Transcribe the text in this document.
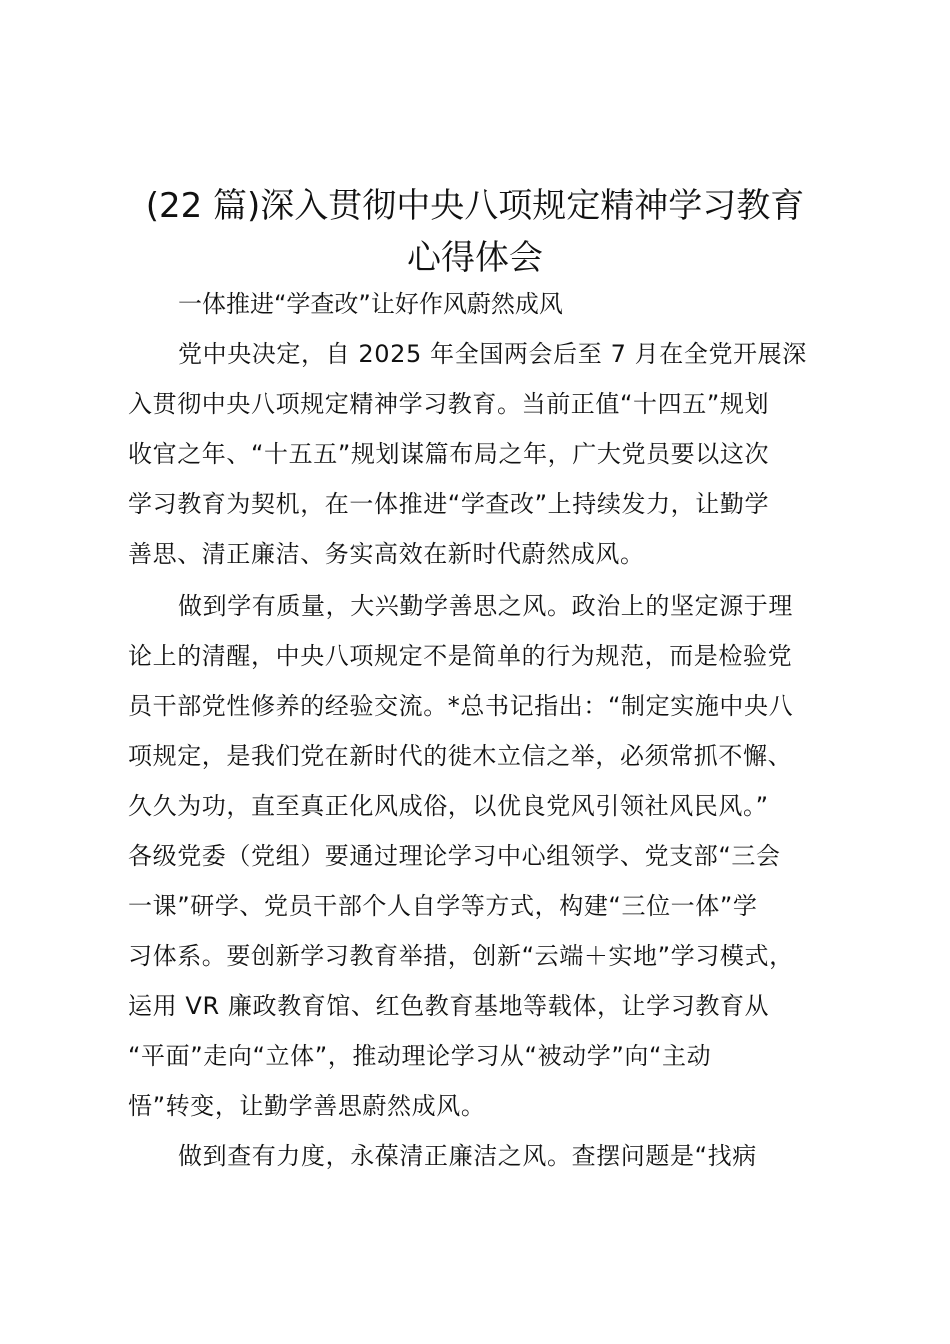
(22 篇)深入贯彻中央八项规定精神学习教育
心得体会

一体推进“学查改”让好作风蔚然成风

党中央决定，自 2025 年全国两会后至 7 月在全党开展深

入贯彻中央八项规定精神学习教育。当前正值“十四五”规划

收官之年、“十五五”规划谋篇布局之年，广大党员要以这次

学习教育为契机，在一体推进“学查改”上持续发力，让勤学

善思、清正廉洁、务实高效在新时代蔚然成风。

做到学有质量，大兴勤学善思之风。政治上的坚定源于理

论上的清醒，中央八项规定不是简单的行为规范，而是检验党

员干部党性修养的经验交流。*总书记指出：“制定实施中央八

项规定，是我们党在新时代的徙木立信之举，必须常抓不懈、

久久为功，直至真正化风成俗，以优良党风引领社风民风。”

各级党委（党组）要通过理论学习中心组领学、党支部“三会

一课”研学、党员干部个人自学等方式，构建“三位一体”学

习体系。要创新学习教育举措，创新“云端＋实地”学习模式，

运用 VR 廉政教育馆、红色教育基地等载体，让学习教育从

“平面”走向“立体”，推动理论学习从“被动学”向“主动

悟”转变，让勤学善思蔚然成风。

做到查有力度，永葆清正廉洁之风。查摆问题是“找病
